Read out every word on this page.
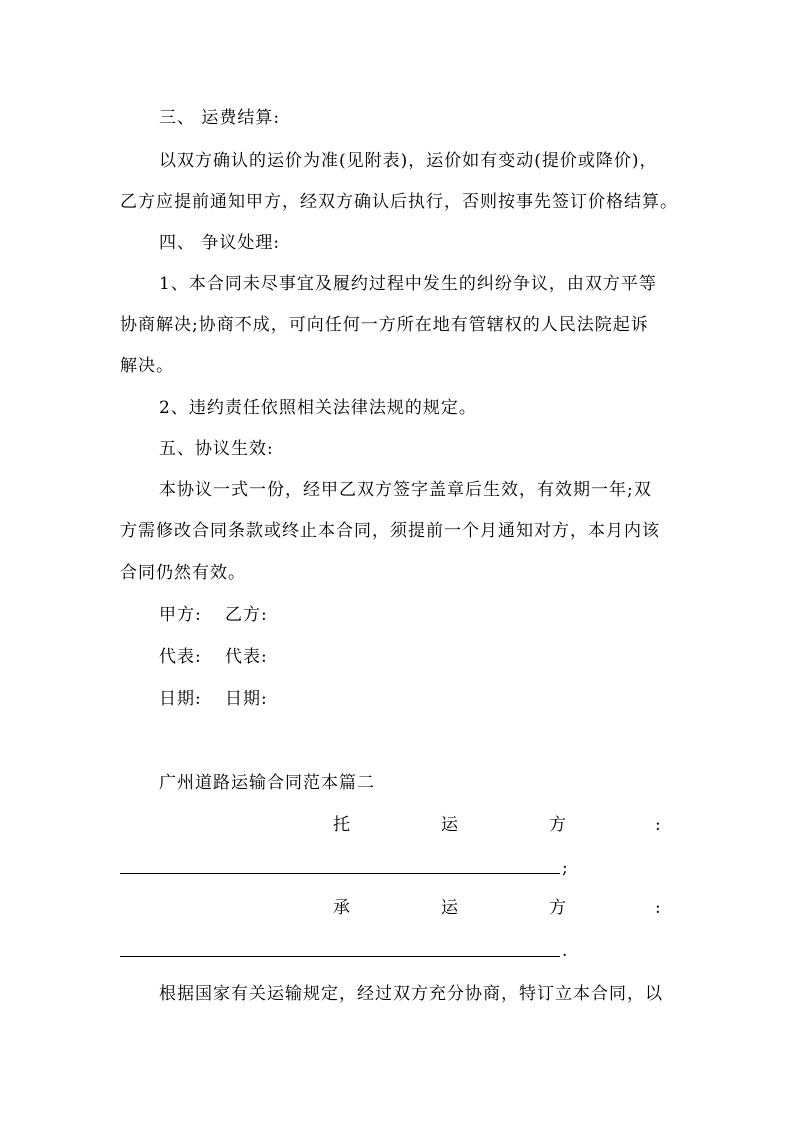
三、 运费结算:
以双方确认的运价为准(见附表)，运价如有变动(提价或降价)，
乙方应提前通知甲方，经双方确认后执行，否则按事先签订价格结算。
四、 争议处理:
1、本合同未尽事宜及履约过程中发生的纠纷争议，由双方平等
协商解决;协商不成，可向任何一方所在地有管辖权的人民法院起诉
解决。
2、违约责任依照相关法律法规的规定。
五、协议生效:
本协议一式一份，经甲乙双方签字盖章后生效，有效期一年;双
方需修改合同条款或终止本合同，须提前一个月通知对方，本月内该
合同仍然有效。
甲方: 乙方:
代表: 代表:
日期: 日期:
广州道路运输合同范本篇二
托	运	方	:
;
承	运	方	:
.
根据国家有关运输规定，经过双方充分协商，特订立本合同，以
